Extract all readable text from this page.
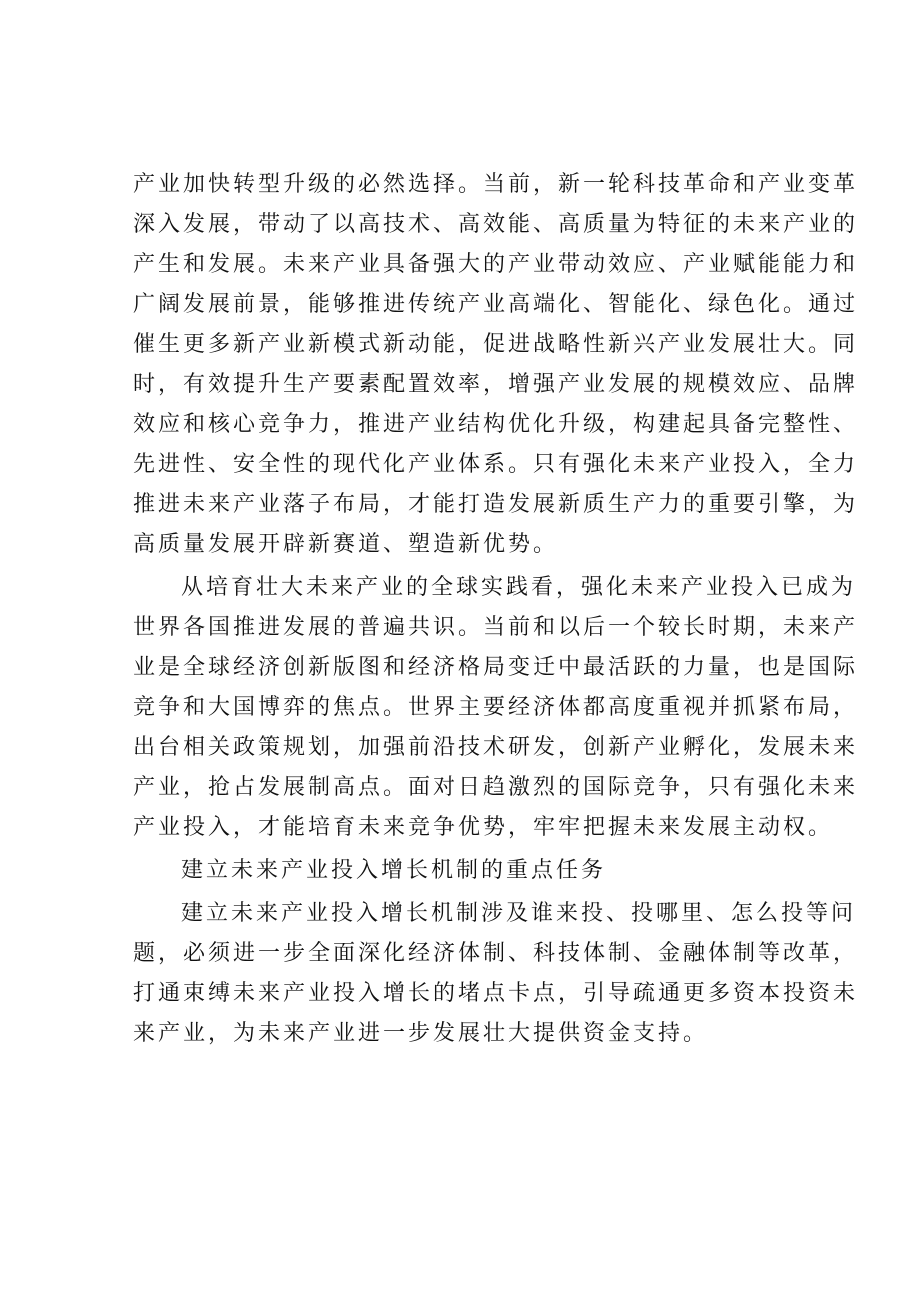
产业加快转型升级的必然选择。当前，新一轮科技革命和产业变革
深入发展，带动了以高技术、高效能、高质量为特征的未来产业的
产生和发展。未来产业具备强大的产业带动效应、产业赋能能力和
广阔发展前景，能够推进传统产业高端化、智能化、绿色化。通过
催生更多新产业新模式新动能，促进战略性新兴产业发展壮大。同
时，有效提升生产要素配置效率，增强产业发展的规模效应、品牌
效应和核心竞争力，推进产业结构优化升级，构建起具备完整性、
先进性、安全性的现代化产业体系。只有强化未来产业投入，全力
推进未来产业落子布局，才能打造发展新质生产力的重要引擎，为
高质量发展开辟新赛道、塑造新优势。
从培育壮大未来产业的全球实践看，强化未来产业投入已成为
世界各国推进发展的普遍共识。当前和以后一个较长时期，未来产
业是全球经济创新版图和经济格局变迁中最活跃的力量，也是国际
竞争和大国博弈的焦点。世界主要经济体都高度重视并抓紧布局，
出台相关政策规划，加强前沿技术研发，创新产业孵化，发展未来
产业，抢占发展制高点。面对日趋激烈的国际竞争，只有强化未来
产业投入，才能培育未来竞争优势，牢牢把握未来发展主动权。
建立未来产业投入增长机制的重点任务
建立未来产业投入增长机制涉及谁来投、投哪里、怎么投等问
题，必须进一步全面深化经济体制、科技体制、金融体制等改革，
打通束缚未来产业投入增长的堵点卡点，引导疏通更多资本投资未
来产业，为未来产业进一步发展壮大提供资金支持。
